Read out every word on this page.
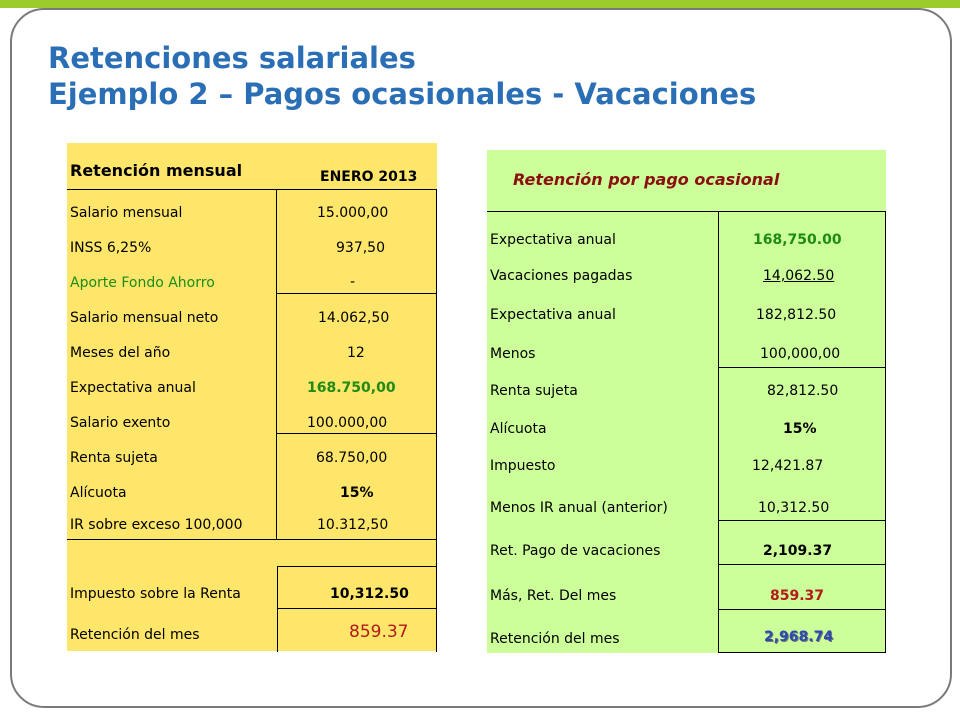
Retenciones salariales
Ejemplo 2 – Pagos ocasionales - Vacaciones
Retención mensual	ENERO 2013
Salario mensual	15.000,00
INSS 6,25%	937,50
Aporte Fondo Ahorro	-
Salario mensual neto	14.062,50
Meses del año	12
Expectativa anual	168.750,00
Salario exento	100.000,00
Renta sujeta	68.750,00
Alícuota	15%
IR sobre exceso 100,000	10.312,50
Impuesto sobre la Renta	10,312.50
Retención del mes	859.37
Retención por pago ocasional
Expectativa anual	168,750.00
Vacaciones pagadas	14,062.50
Expectativa anual	182,812.50
Menos	100,000,00
Renta sujeta	82,812.50
Alícuota	15%
Impuesto	12,421.87
Menos IR anual (anterior)	10,312.50
Ret. Pago de vacaciones	2,109.37
Más, Ret. Del mes	859.37
Retención del mes	2,968.74
